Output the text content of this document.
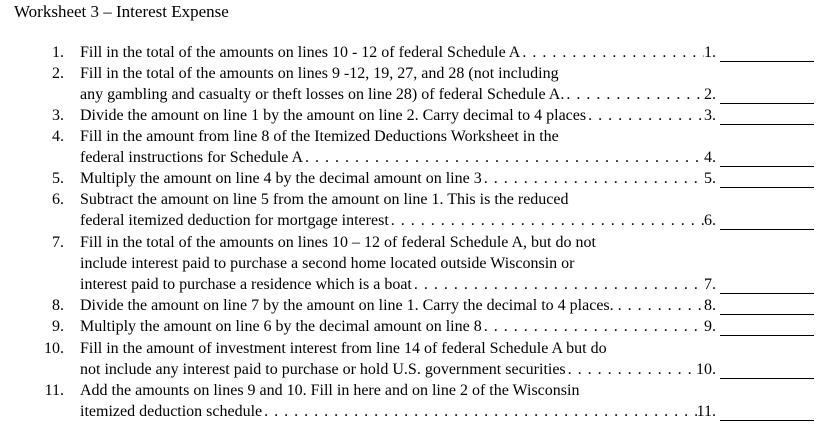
Worksheet 3 – Interest Expense
1. Fill in the total of the amounts on lines 10 - 12 of federal Schedule A . . .	1.
2. Fill in the total of the amounts on lines 9 -12, 19, 27, and 28 (not including
any gambling and casualty or theft losses on line 28) of federal Schedule A. . . .	2.
3. Divide the amount on line 1 by the amount on line 2. Carry decimal to 4 places . . .	3.
4. Fill in the amount from line 8 of the Itemized Deductions Worksheet in the
federal instructions for Schedule A . . .	4.
5. Multiply the amount on line 4 by the decimal amount on line 3 . . .	5.
6. Subtract the amount on line 5 from the amount on line 1. This is the reduced
federal itemized deduction for mortgage interest . . .	6.
7. Fill in the total of the amounts on lines 10 – 12 of federal Schedule A, but do not
include interest paid to purchase a second home located outside Wisconsin or
interest paid to purchase a residence which is a boat . . .	7.
8. Divide the amount on line 7 by the amount on line 1. Carry the decimal to 4 places. . . .	8.
9. Multiply the amount on line 6 by the decimal amount on line 8 . . .	9.
10. Fill in the amount of investment interest from line 14 of federal Schedule A but do
not include any interest paid to purchase or hold U.S. government securities . . .	10.
11. Add the amounts on lines 9 and 10. Fill in here and on line 2 of the Wisconsin
itemized deduction schedule . . .	11.
